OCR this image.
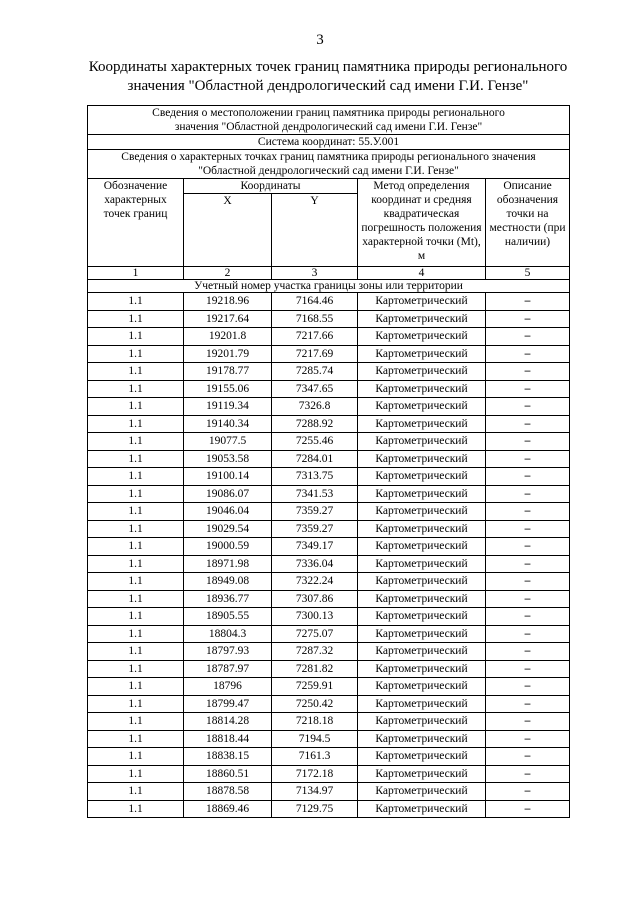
3
Координаты характерных точек границ памятника природы регионального
значения "Областной дендрологический сад имени Г.И. Гензе"
Сведения о местоположении границ памятника природы регионального
значения "Областной дендрологический сад имени Г.И. Гензе"				

Система координат: 55.У.001				

Сведения о характерных точках границ памятника природы регионального значения
"Областной дендрологический сад имени Г.И. Гензе"				

Обозначение характерных точек границ	Координаты		Метод определения координат и средняя квадратическая погрешность положения характерной точки (Mt), м	Описание обозначения точки на местности (при наличии)
	X	Y		
1	2	3	4	5
Учетный номер участка границы зоны или территории				
1.1	19218.96	7164.46	Картометрический	–
1.1	19217.64	7168.55	Картометрический	–
1.1	19201.8	7217.66	Картометрический	–
1.1	19201.79	7217.69	Картометрический	–
1.1	19178.77	7285.74	Картометрический	–
1.1	19155.06	7347.65	Картометрический	–
1.1	19119.34	7326.8	Картометрический	–
1.1	19140.34	7288.92	Картометрический	–
1.1	19077.5	7255.46	Картометрический	–
1.1	19053.58	7284.01	Картометрический	–
1.1	19100.14	7313.75	Картометрический	–
1.1	19086.07	7341.53	Картометрический	–
1.1	19046.04	7359.27	Картометрический	–
1.1	19029.54	7359.27	Картометрический	–
1.1	19000.59	7349.17	Картометрический	–
1.1	18971.98	7336.04	Картометрический	–
1.1	18949.08	7322.24	Картометрический	–
1.1	18936.77	7307.86	Картометрический	–
1.1	18905.55	7300.13	Картометрический	–
1.1	18804.3	7275.07	Картометрический	–
1.1	18797.93	7287.32	Картометрический	–
1.1	18787.97	7281.82	Картометрический	–
1.1	18796	7259.91	Картометрический	–
1.1	18799.47	7250.42	Картометрический	–
1.1	18814.28	7218.18	Картометрический	–
1.1	18818.44	7194.5	Картометрический	–
1.1	18838.15	7161.3	Картометрический	–
1.1	18860.51	7172.18	Картометрический	–
1.1	18878.58	7134.97	Картометрический	–
1.1	18869.46	7129.75	Картометрический	–
